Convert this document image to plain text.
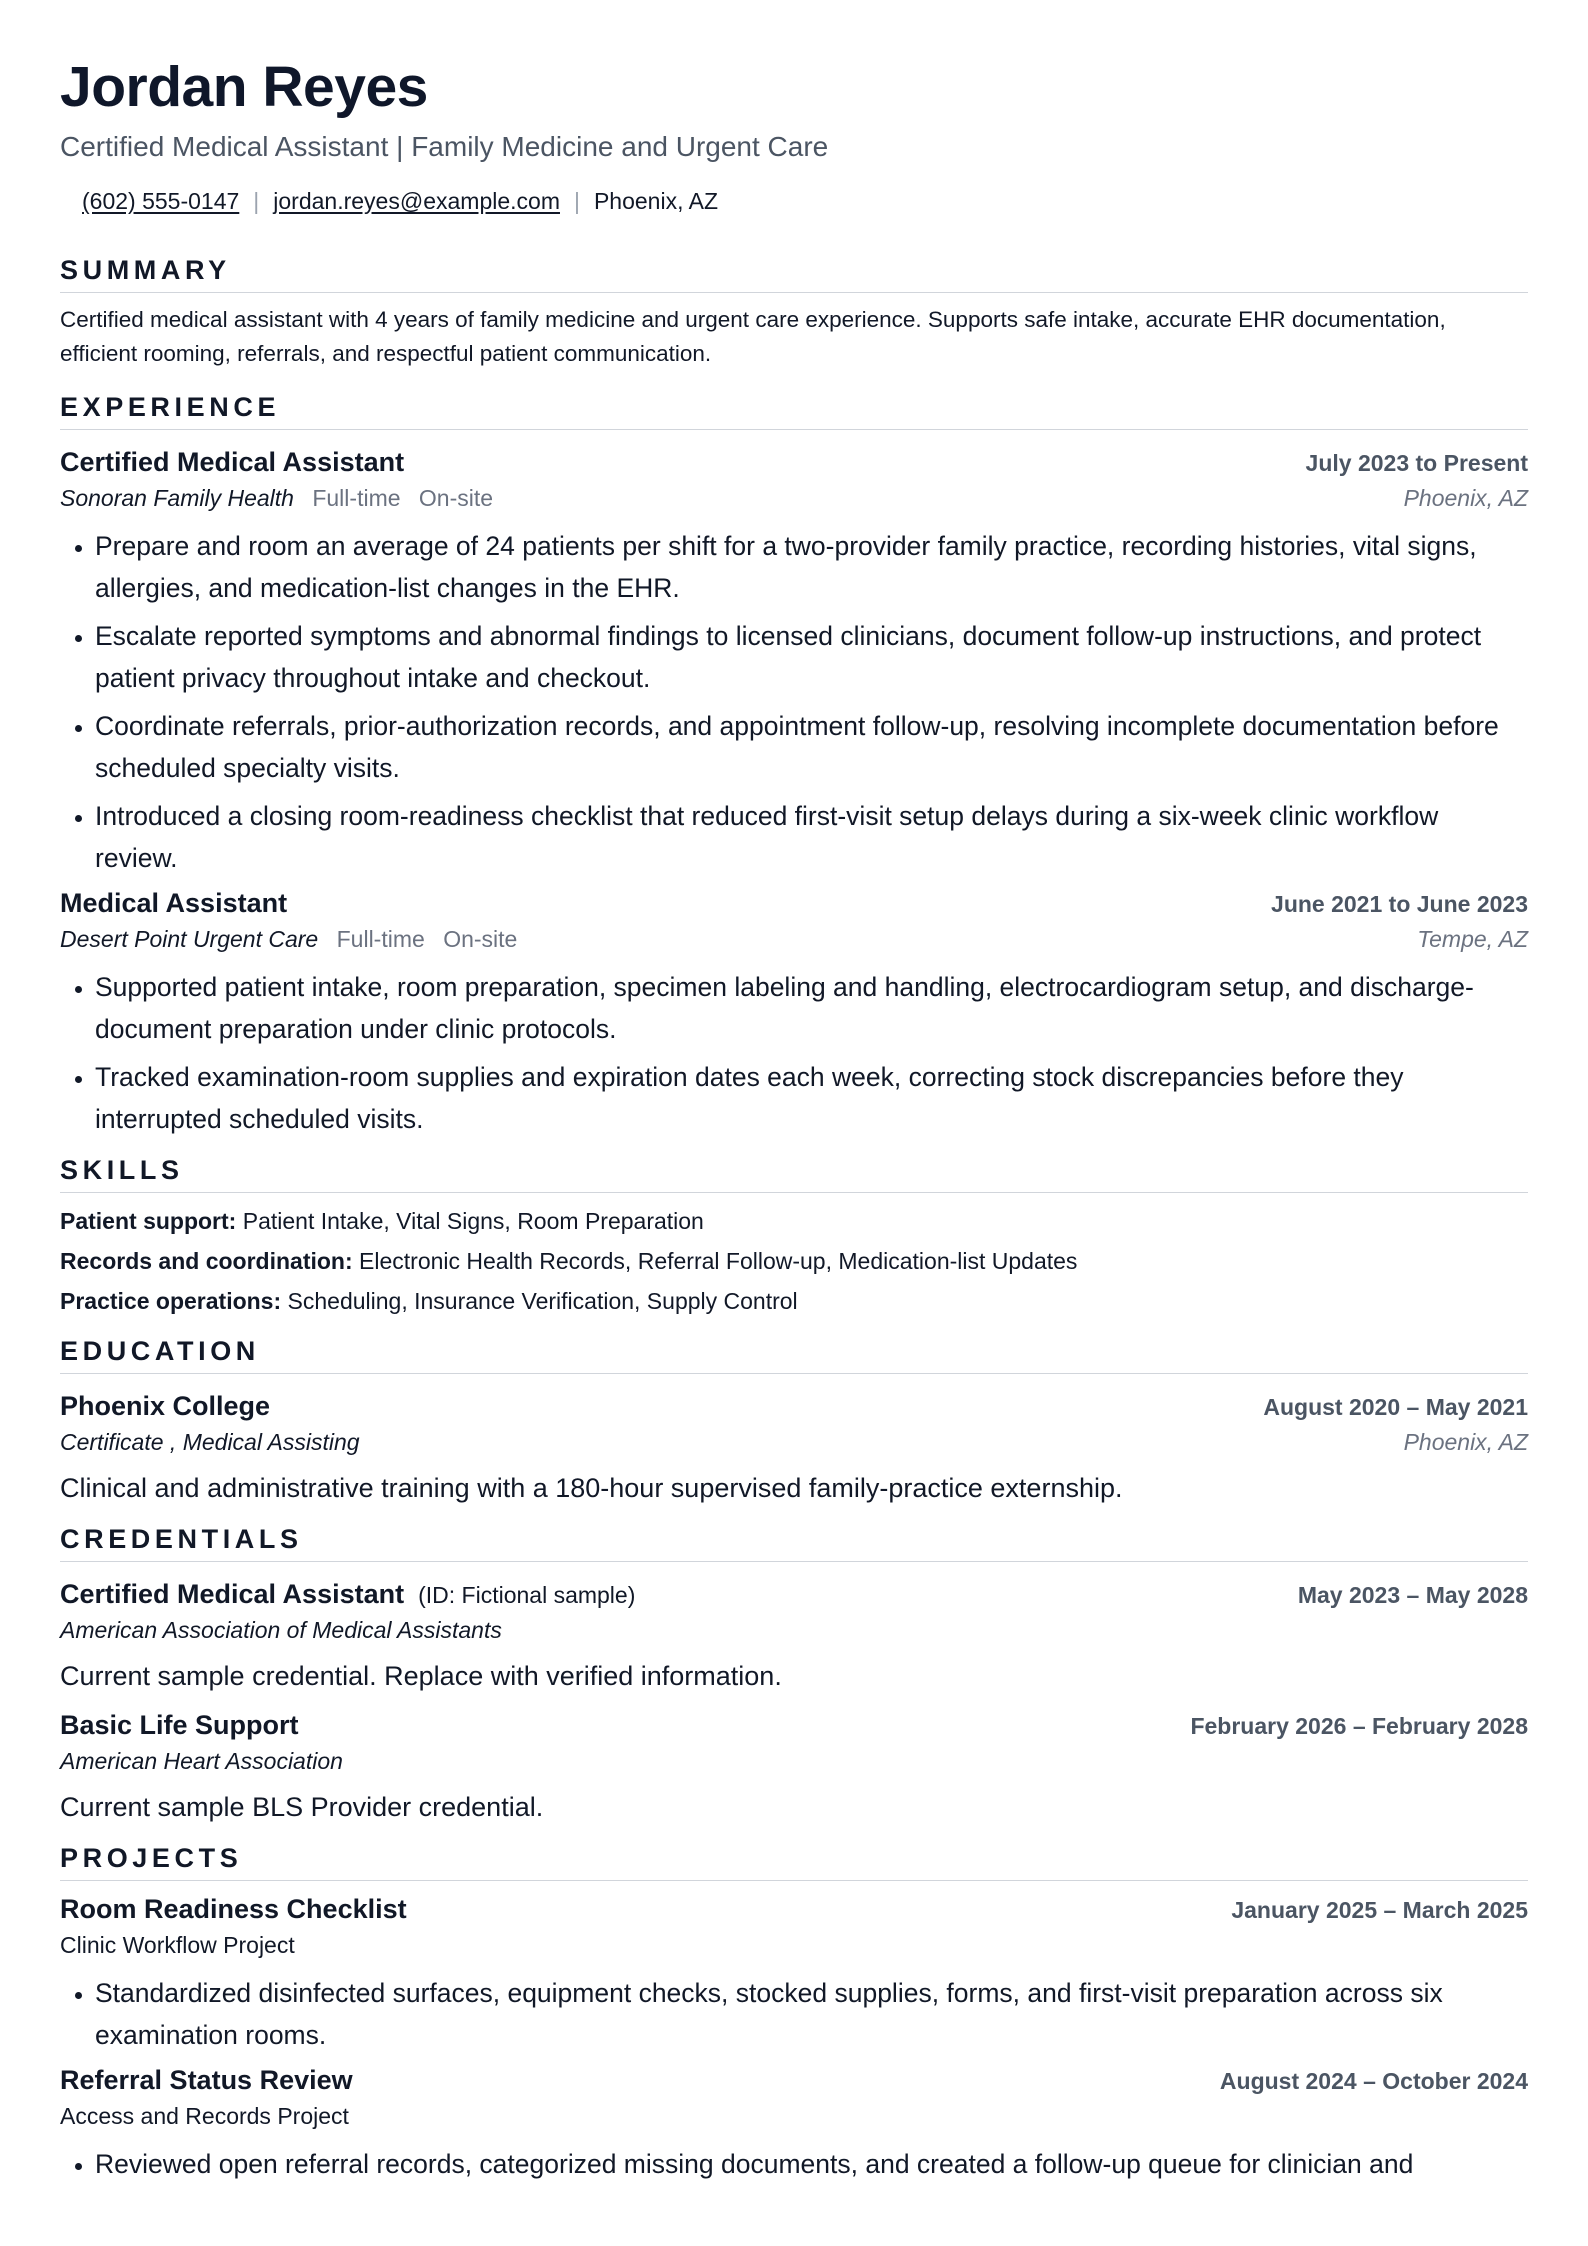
Jordan Reyes
Certified Medical Assistant | Family Medicine and Urgent Care
(602) 555-0147 | jordan.reyes@example.com | Phoenix, AZ
SUMMARY

Certified medical assistant with 4 years of family medicine and urgent care experience. Supports safe intake, accurate EHR documentation, efficient rooming, referrals, and respectful patient communication.

EXPERIENCE
Certified Medical Assistant	July 2023 to Present
Sonoran Family Health Full-time On-site	Phoenix, AZ
• Prepare and room an average of 24 patients per shift for a two-provider family practice, recording histories, vital signs, allergies, and medication-list changes in the EHR.
• Escalate reported symptoms and abnormal findings to licensed clinicians, document follow-up instructions, and protect patient privacy throughout intake and checkout.
• Coordinate referrals, prior-authorization records, and appointment follow-up, resolving incomplete documentation before scheduled specialty visits.
• Introduced a closing room-readiness checklist that reduced first-visit setup delays during a six-week clinic workflow review.
Medical Assistant	June 2021 to June 2023
Desert Point Urgent Care Full-time On-site	Tempe, AZ
• Supported patient intake, room preparation, specimen labeling and handling, electrocardiogram setup, and discharge-document preparation under clinic protocols.
• Tracked examination-room supplies and expiration dates each week, correcting stock discrepancies before they interrupted scheduled visits.
SKILLS
Patient support: Patient Intake, Vital Signs, Room Preparation
Records and coordination: Electronic Health Records, Referral Follow-up, Medication-list Updates
Practice operations: Scheduling, Insurance Verification, Supply Control
EDUCATION
Phoenix College	August 2020 – May 2021
Certificate , Medical Assisting	Phoenix, AZ

Clinical and administrative training with a 180-hour supervised family-practice externship.

CREDENTIALS
Certified Medical Assistant (ID: Fictional sample)	May 2023 – May 2028
American Association of Medical Assistants

Current sample credential. Replace with verified information.

Basic Life Support	February 2026 – February 2028
American Heart Association

Current sample BLS Provider credential.

PROJECTS
Room Readiness Checklist	January 2025 – March 2025
Clinic Workflow Project
• Standardized disinfected surfaces, equipment checks, stocked supplies, forms, and first-visit preparation across six examination rooms.
Referral Status Review	August 2024 – October 2024
Access and Records Project
• Reviewed open referral records, categorized missing documents, and created a follow-up queue for clinician and
